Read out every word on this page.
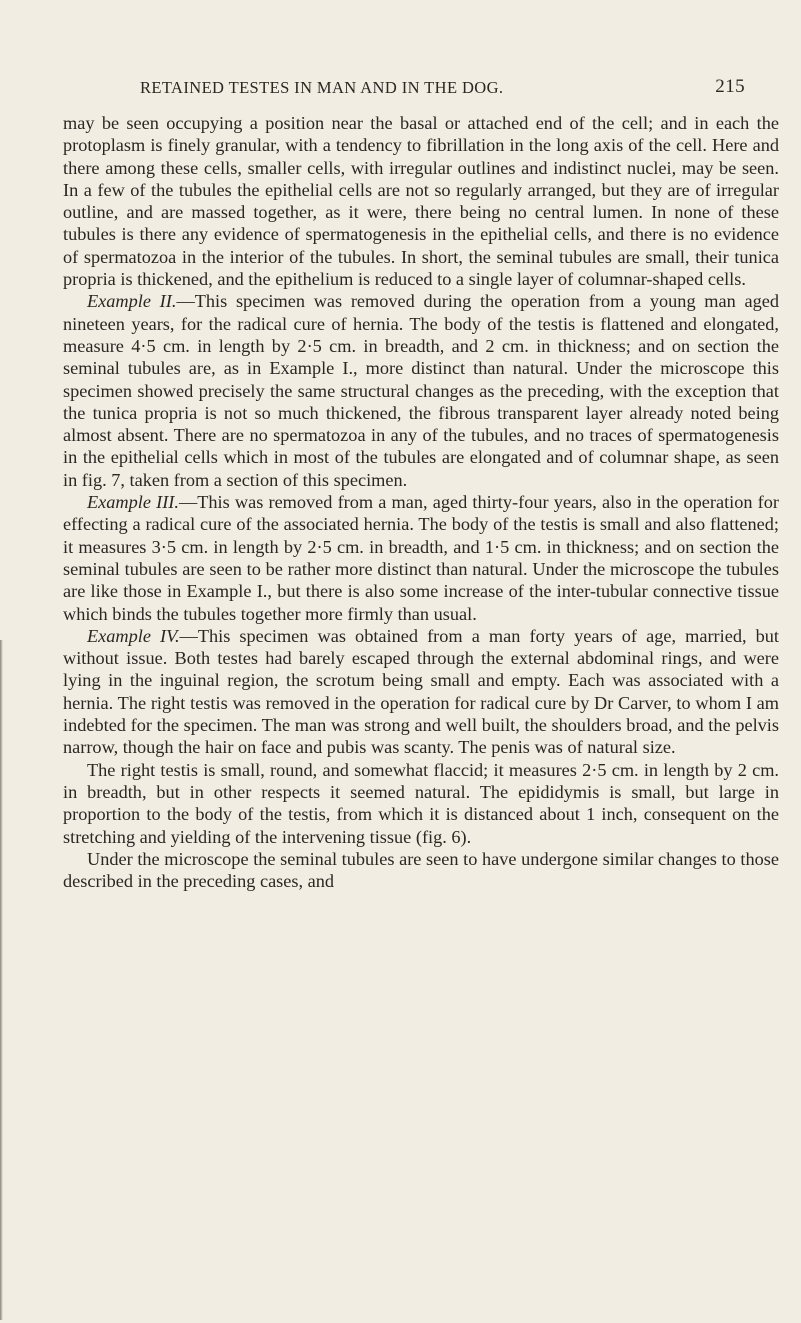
RETAINED TESTES IN MAN AND IN THE DOG.	215

may be seen occupying a position near the basal or attached end of the cell; and in each the protoplasm is finely granular, with a tendency to fibrillation in the long axis of the cell. Here and there among these cells, smaller cells, with irregular outlines and indistinct nuclei, may be seen. In a few of the tubules the epithelial cells are not so regularly arranged, but they are of irregular outline, and are massed together, as it were, there being no central lumen. In none of these tubules is there any evidence of spermatogenesis in the epithelial cells, and there is no evidence of spermatozoa in the interior of the tubules. In short, the seminal tubules are small, their tunica propria is thickened, and the epithelium is reduced to a single layer of columnar-shaped cells.

Example II.—This specimen was removed during the operation from a young man aged nineteen years, for the radical cure of hernia. The body of the testis is flattened and elongated, measure 4·5 cm. in length by 2·5 cm. in breadth, and 2 cm. in thickness; and on section the seminal tubules are, as in Example I., more distinct than natural. Under the microscope this specimen showed precisely the same structural changes as the preceding, with the exception that the tunica propria is not so much thickened, the fibrous transparent layer already noted being almost absent. There are no spermatozoa in any of the tubules, and no traces of spermatogenesis in the epithelial cells which in most of the tubules are elongated and of columnar shape, as seen in fig. 7, taken from a section of this specimen.

Example III.—This was removed from a man, aged thirty-four years, also in the operation for effecting a radical cure of the associated hernia. The body of the testis is small and also flattened; it measures 3·5 cm. in length by 2·5 cm. in breadth, and 1·5 cm. in thickness; and on section the seminal tubules are seen to be rather more distinct than natural. Under the microscope the tubules are like those in Example I., but there is also some increase of the inter-tubular connective tissue which binds the tubules together more firmly than usual.

Example IV.—This specimen was obtained from a man forty years of age, married, but without issue. Both testes had barely escaped through the external abdominal rings, and were lying in the inguinal region, the scrotum being small and empty. Each was associated with a hernia. The right testis was removed in the operation for radical cure by Dr Carver, to whom I am indebted for the specimen. The man was strong and well built, the shoulders broad, and the pelvis narrow, though the hair on face and pubis was scanty. The penis was of natural size.

The right testis is small, round, and somewhat flaccid; it measures 2·5 cm. in length by 2 cm. in breadth, but in other respects it seemed natural. The epididymis is small, but large in proportion to the body of the testis, from which it is distanced about 1 inch, consequent on the stretching and yielding of the intervening tissue (fig. 6).

Under the microscope the seminal tubules are seen to have undergone similar changes to those described in the preceding cases, and
